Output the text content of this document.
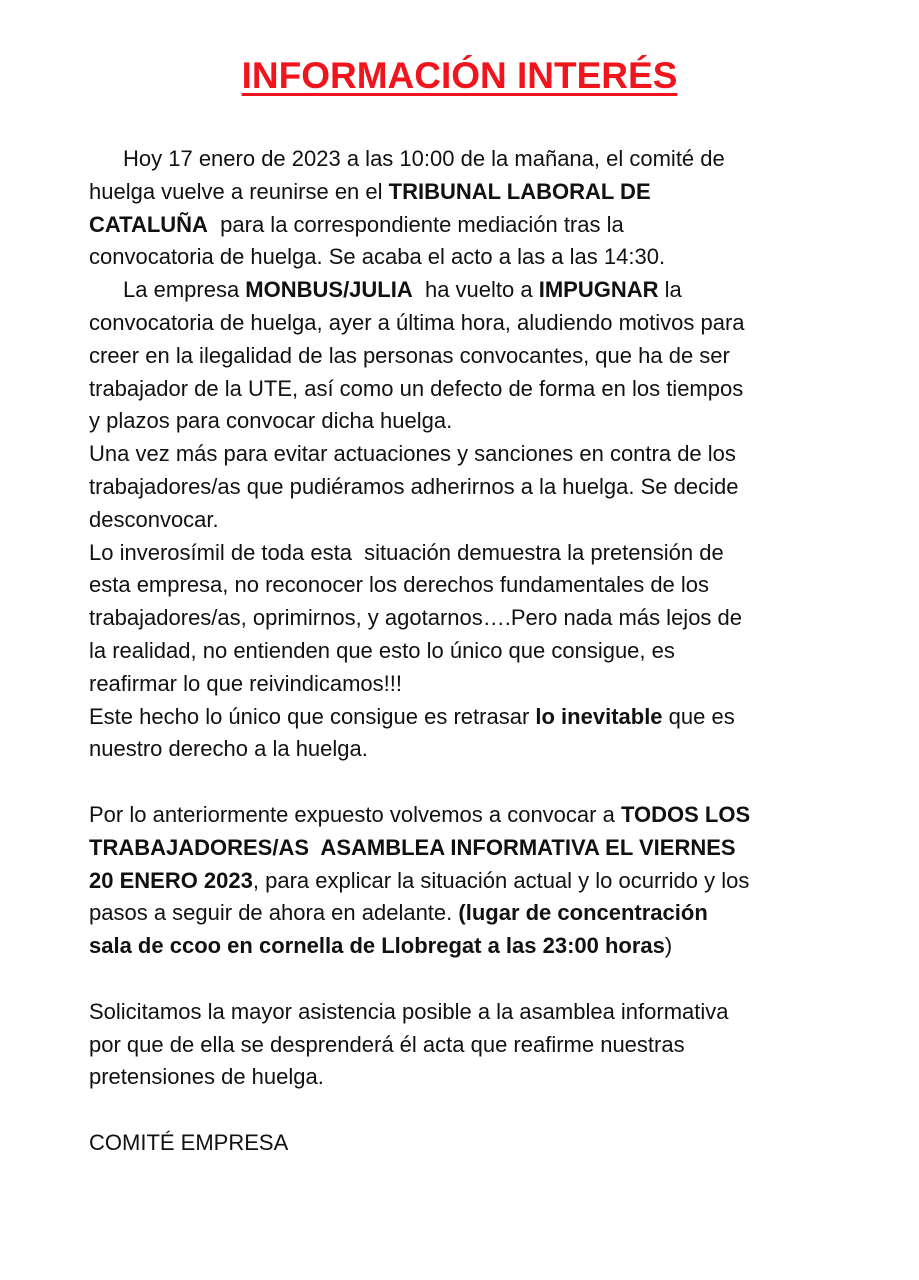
INFORMACIÓN INTERÉS
Hoy 17 enero de 2023 a las 10:00 de la mañana, el comité de
huelga vuelve a reunirse en el TRIBUNAL LABORAL DE
CATALUÑA  para la correspondiente mediación tras la
convocatoria de huelga. Se acaba el acto a las a las 14:30.
La empresa MONBUS/JULIA  ha vuelto a IMPUGNAR la
convocatoria de huelga, ayer a última hora, aludiendo motivos para
creer en la ilegalidad de las personas convocantes, que ha de ser
trabajador de la UTE, así como un defecto de forma en los tiempos
y plazos para convocar dicha huelga.
Una vez más para evitar actuaciones y sanciones en contra de los
trabajadores/as que pudiéramos adherirnos a la huelga. Se decide
desconvocar.
Lo inverosímil de toda esta  situación demuestra la pretensión de
esta empresa, no reconocer los derechos fundamentales de los
trabajadores/as, oprimirnos, y agotarnos….Pero nada más lejos de
la realidad, no entienden que esto lo único que consigue, es
reafirmar lo que reivindicamos!!!
Este hecho lo único que consigue es retrasar lo inevitable que es
nuestro derecho a la huelga.
Por lo anteriormente expuesto volvemos a convocar a TODOS LOS
TRABAJADORES/AS  ASAMBLEA INFORMATIVA EL VIERNES
20 ENERO 2023, para explicar la situación actual y lo ocurrido y los
pasos a seguir de ahora en adelante. (lugar de concentración
sala de ccoo en cornella de Llobregat a las 23:00 horas)
Solicitamos la mayor asistencia posible a la asamblea informativa
por que de ella se desprenderá él acta que reafirme nuestras
pretensiones de huelga.
COMITÉ EMPRESA
